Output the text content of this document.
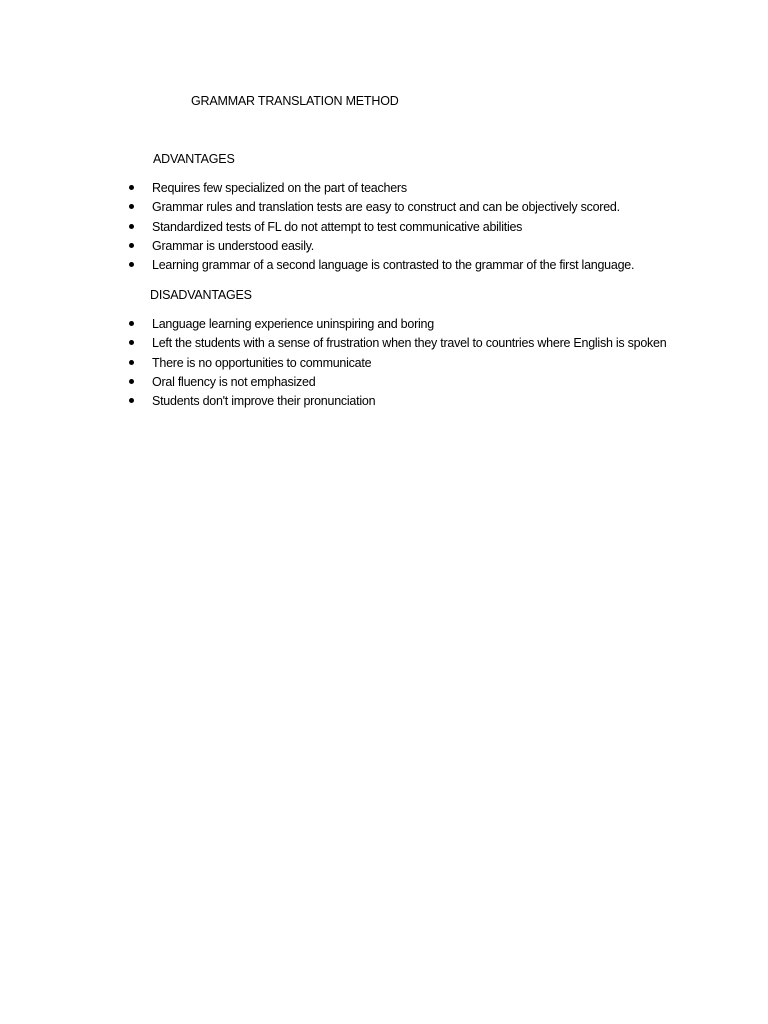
GRAMMAR TRANSLATION METHOD
ADVANTAGES
Requires few specialized on the part of teachers
Grammar rules and translation tests are easy to construct and can be objectively scored.
Standardized tests of FL do not attempt to test communicative abilities
Grammar is understood easily.
Learning grammar of a second language is contrasted to the grammar of the first language.
DISADVANTAGES
Language learning experience uninspiring and boring
Left the students with a sense of frustration when they travel to countries where English is spoken
There is no opportunities to communicate
Oral fluency is not emphasized
Students don't improve their pronunciation
